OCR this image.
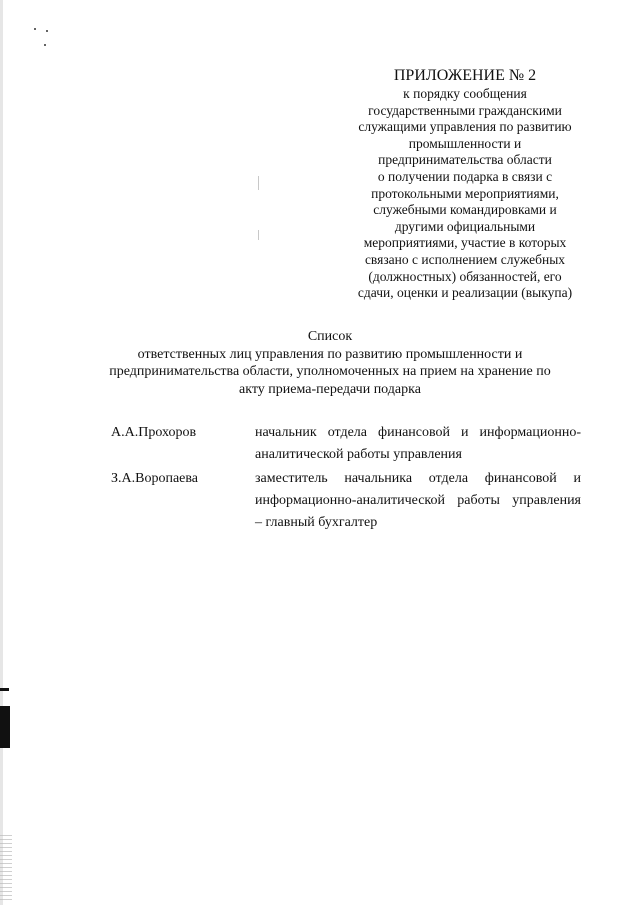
ПРИЛОЖЕНИЕ № 2
к порядку сообщения
государственными гражданскими
служащими управления по развитию
промышленности и
предпринимательства области
о получении подарка в связи с
протокольными мероприятиями,
служебными командировками и
другими официальными
мероприятиями, участие в которых
связано с исполнением служебных
(должностных) обязанностей, его
сдачи, оценки и реализации (выкупа)
Список
ответственных лиц управления по развитию промышленности и
предпринимательства области, уполномоченных на прием на хранение по
акту приема-передачи подарка
А.А.Прохоров	начальник отдела финансовой и информационно-
аналитической работы управления
З.А.Воропаева	заместитель начальника отдела финансовой и
информационно-аналитической работы управления
– главный бухгалтер
